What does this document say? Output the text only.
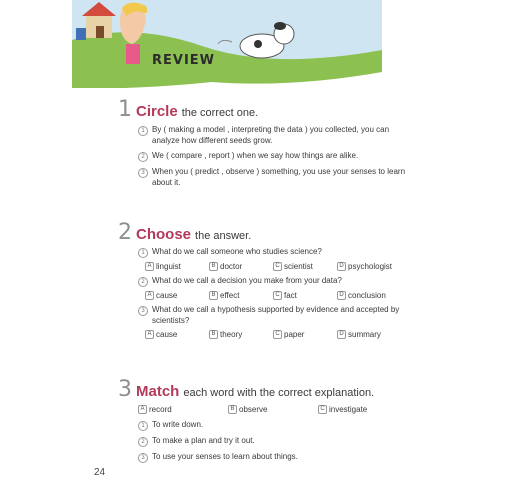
REVIEW
1 Circle the correct one.
1 By ( making a model , interpreting the data ) you collected, you can analyze how different seeds grow.
2 We ( compare , report ) when we say how things are alike.
3 When you ( predict , observe ) something, you use your senses to learn about it.
2 Choose the answer.
1 What do we call someone who studies science?
A linguist	B doctor	C scientist	D psychologist
2 What do we call a decision you make from your data?
A cause	B effect	C fact	D conclusion
3 What do we call a hypothesis supported by evidence and accepted by scientists?
A cause	B theory	C paper	D summary
3 Match each word with the correct explanation.
A record	B observe	C investigate
1 To write down.
2 To make a plan and try it out.
3 To use your senses to learn about things.
24
